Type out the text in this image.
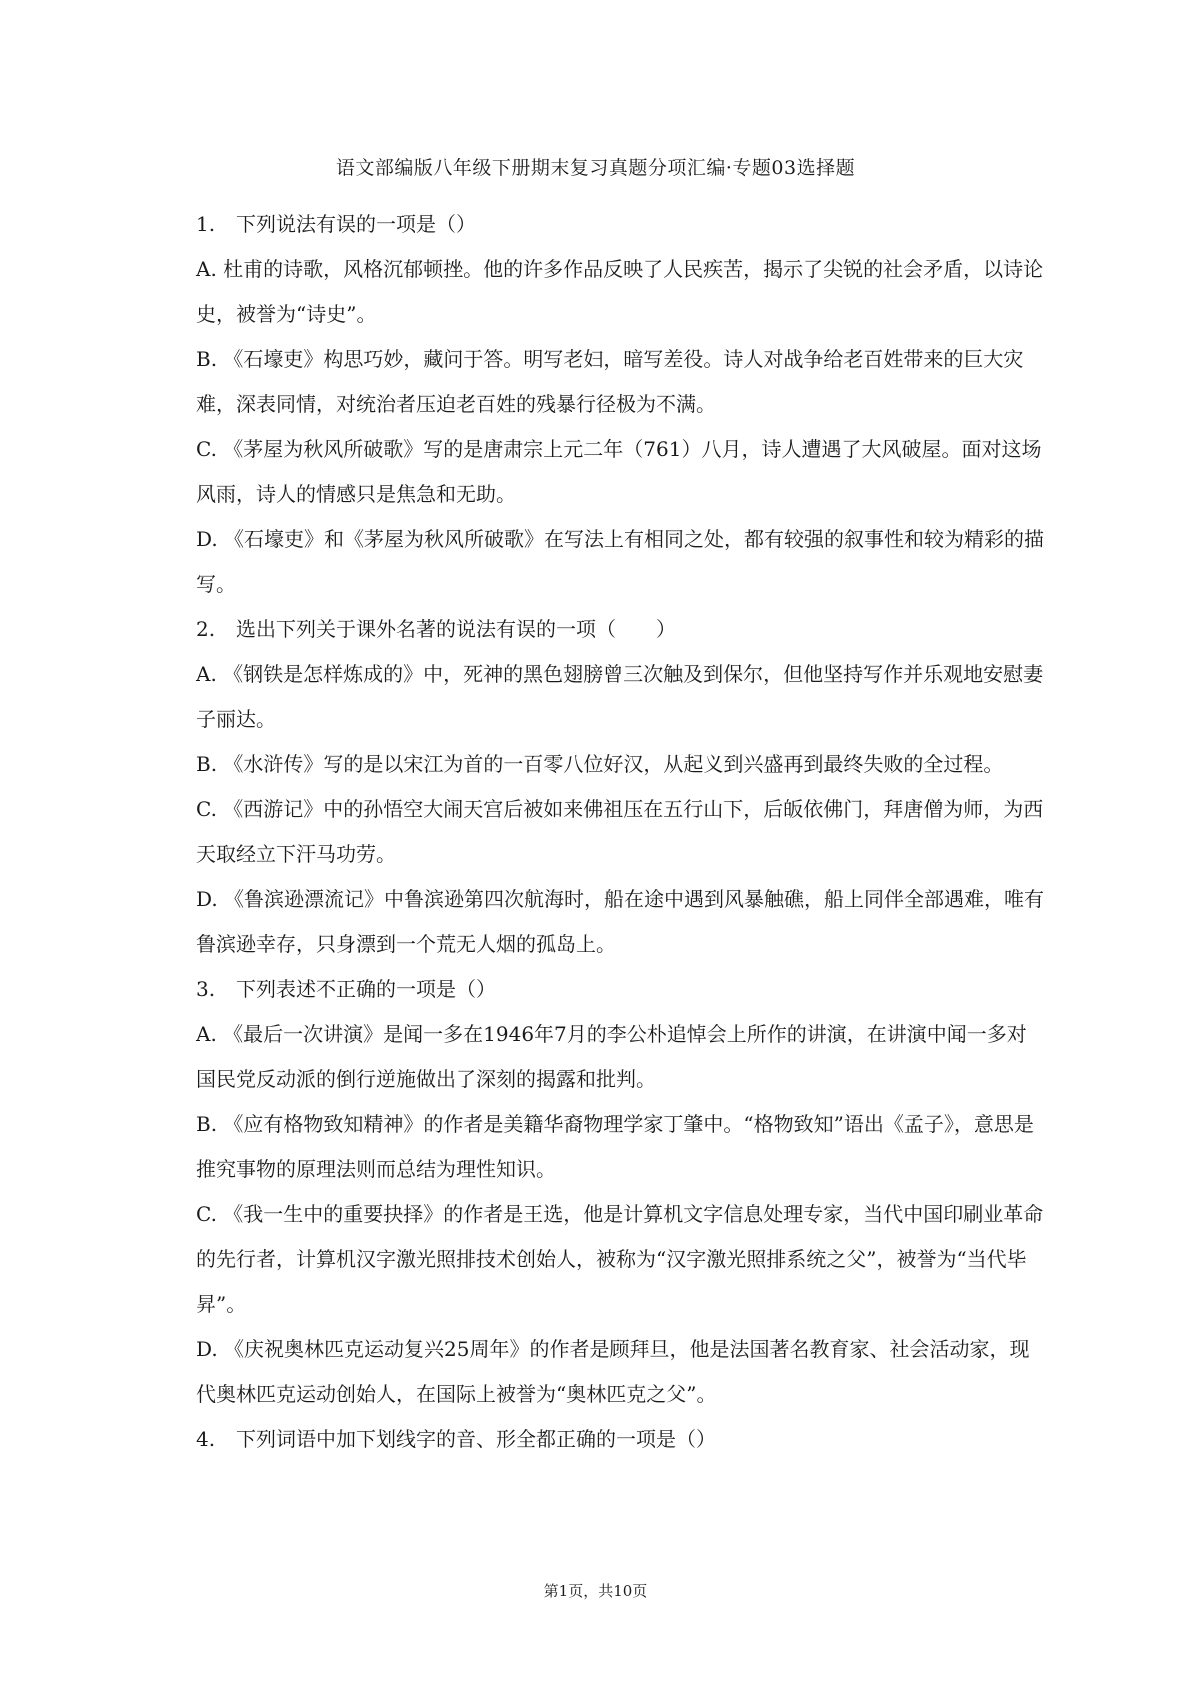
语文部编版八年级下册期末复习真题分项汇编·专题03选择题
1. 下列说法有误的一项是（）
A. 杜甫的诗歌，风格沉郁顿挫。他的许多作品反映了人民疾苦，揭示了尖锐的社会矛盾，以诗论史，被誉为“诗史”。
B. 《石壕吏》构思巧妙，藏问于答。明写老妇，暗写差役。诗人对战争给老百姓带来的巨大灾难，深表同情，对统治者压迫老百姓的残暴行径极为不满。
C. 《茅屋为秋风所破歌》写的是唐肃宗上元二年（761）八月，诗人遭遇了大风破屋。面对这场风雨，诗人的情感只是焦急和无助。
D. 《石壕吏》和《茅屋为秋风所破歌》在写法上有相同之处，都有较强的叙事性和较为精彩的描写。
2. 选出下列关于课外名著的说法有误的一项（　　）
A. 《钢铁是怎样炼成的》中，死神的黑色翅膀曾三次触及到保尔，但他坚持写作并乐观地安慰妻子丽达。
B. 《水浒传》写的是以宋江为首的一百零八位好汉，从起义到兴盛再到最终失败的全过程。
C. 《西游记》中的孙悟空大闹天宫后被如来佛祖压在五行山下，后皈依佛门，拜唐僧为师，为西天取经立下汗马功劳。
D. 《鲁滨逊漂流记》中鲁滨逊第四次航海时，船在途中遇到风暴触礁，船上同伴全部遇难，唯有鲁滨逊幸存，只身漂到一个荒无人烟的孤岛上。
3. 下列表述不正确的一项是（）
A. 《最后一次讲演》是闻一多在1946年7月的李公朴追悼会上所作的讲演，在讲演中闻一多对国民党反动派的倒行逆施做出了深刻的揭露和批判。
B. 《应有格物致知精神》的作者是美籍华裔物理学家丁肇中。“格物致知”语出《孟子》，意思是推究事物的原理法则而总结为理性知识。
C. 《我一生中的重要抉择》的作者是王选，他是计算机文字信息处理专家，当代中国印刷业革命的先行者，计算机汉字激光照排技术创始人，被称为“汉字激光照排系统之父”，被誉为“当代毕昇”。
D. 《庆祝奥林匹克运动复兴25周年》的作者是顾拜旦，他是法国著名教育家、社会活动家，现代奥林匹克运动创始人，在国际上被誉为“奥林匹克之父”。
4. 下列词语中加下划线字的音、形全都正确的一项是（）
第1页，共10页
